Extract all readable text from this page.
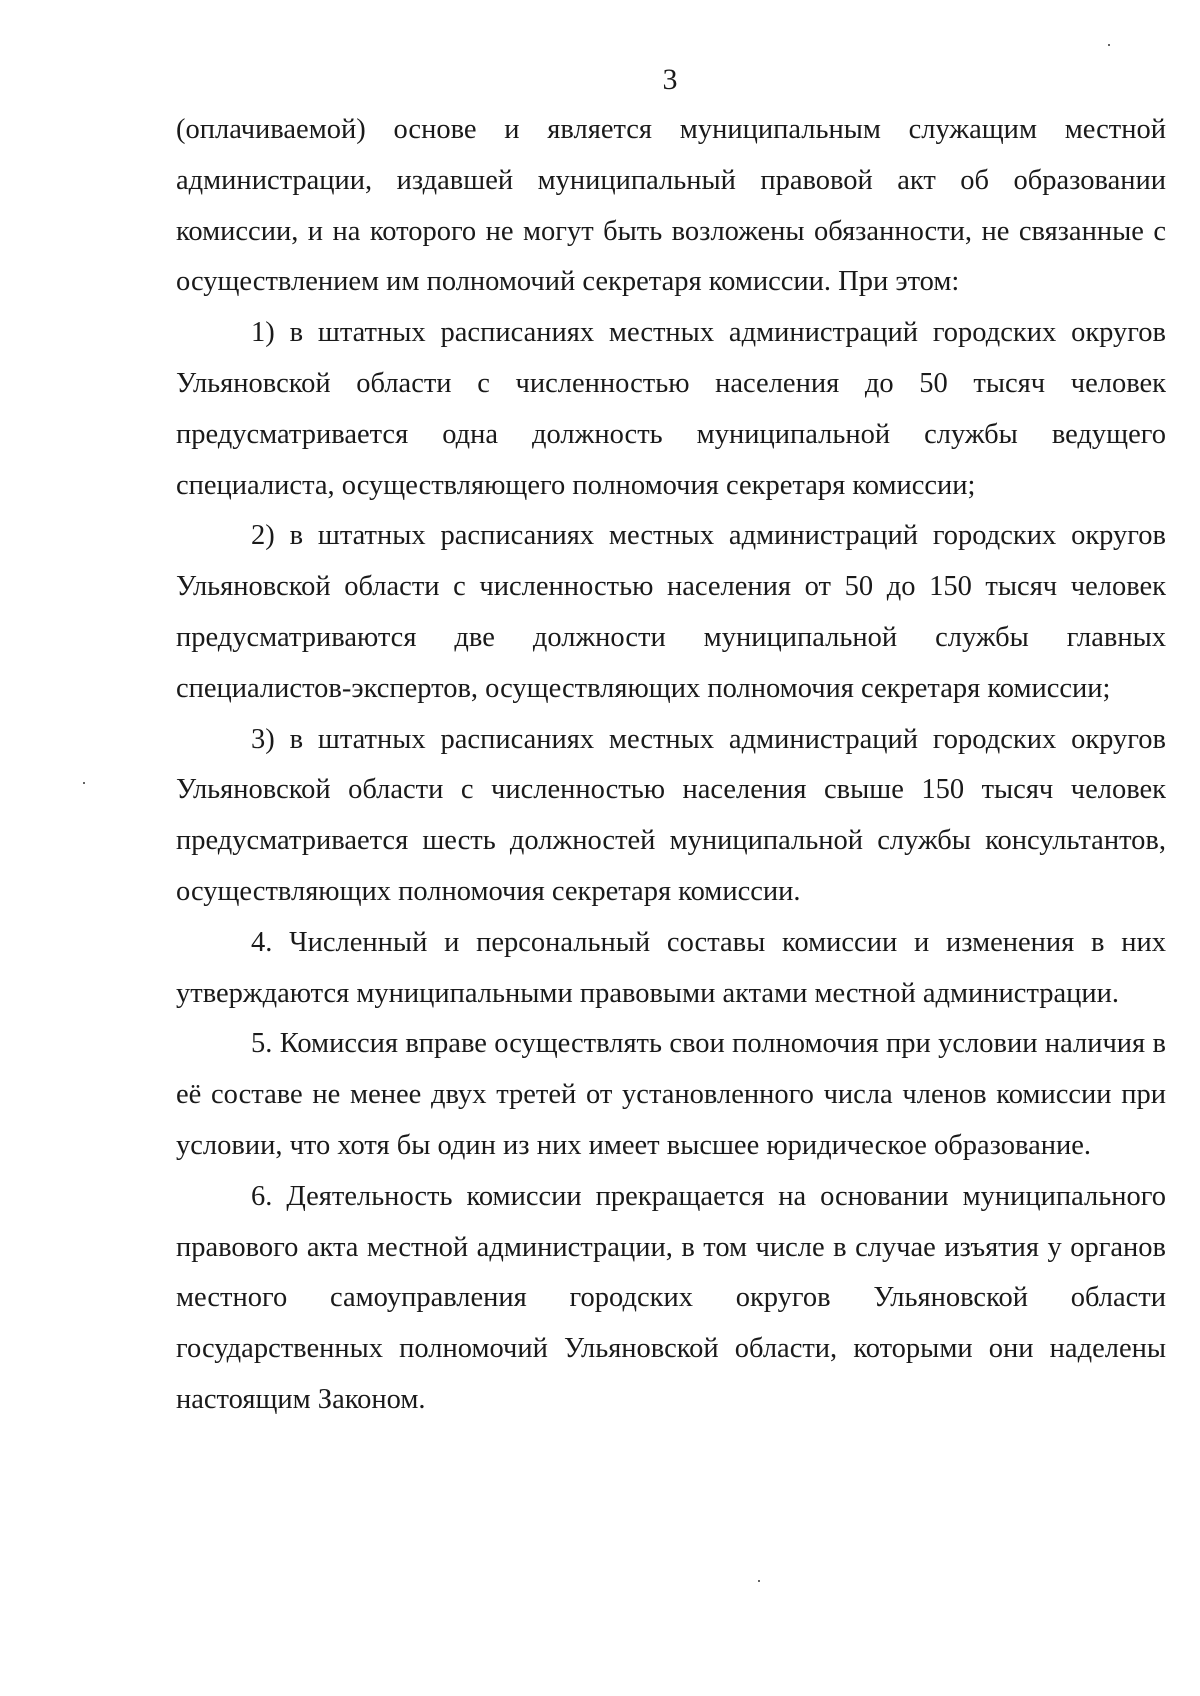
3

(оплачиваемой) основе и является муниципальным служащим местной администрации, издавшей муниципальный правовой акт об образовании комиссии, и на которого не могут быть возложены обязанности, не связанные с осуществлением им полномочий секретаря комиссии. При этом:

1) в штатных расписаниях местных администраций городских округов Ульяновской области с численностью населения до 50 тысяч человек предусматривается одна должность муниципальной службы ведущего специалиста, осуществляющего полномочия секретаря комиссии;

2) в штатных расписаниях местных администраций городских округов Ульяновской области с численностью населения от 50 до 150 тысяч человек предусматриваются две должности муниципальной службы главных специалистов-экспертов, осуществляющих полномочия секретаря комиссии;

3) в штатных расписаниях местных администраций городских округов Ульяновской области с численностью населения свыше 150 тысяч человек предусматривается шесть должностей муниципальной службы консультантов, осуществляющих полномочия секретаря комиссии.

4. Численный и персональный составы комиссии и изменения в них утверждаются муниципальными правовыми актами местной администрации.

5. Комиссия вправе осуществлять свои полномочия при условии наличия в её составе не менее двух третей от установленного числа членов комиссии при условии, что хотя бы один из них имеет высшее юридическое образование.

6. Деятельность комиссии прекращается на основании муниципального правового акта местной администрации, в том числе в случае изъятия у органов местного самоуправления городских округов Ульяновской области государственных полномочий Ульяновской области, которыми они наделены настоящим Законом.
